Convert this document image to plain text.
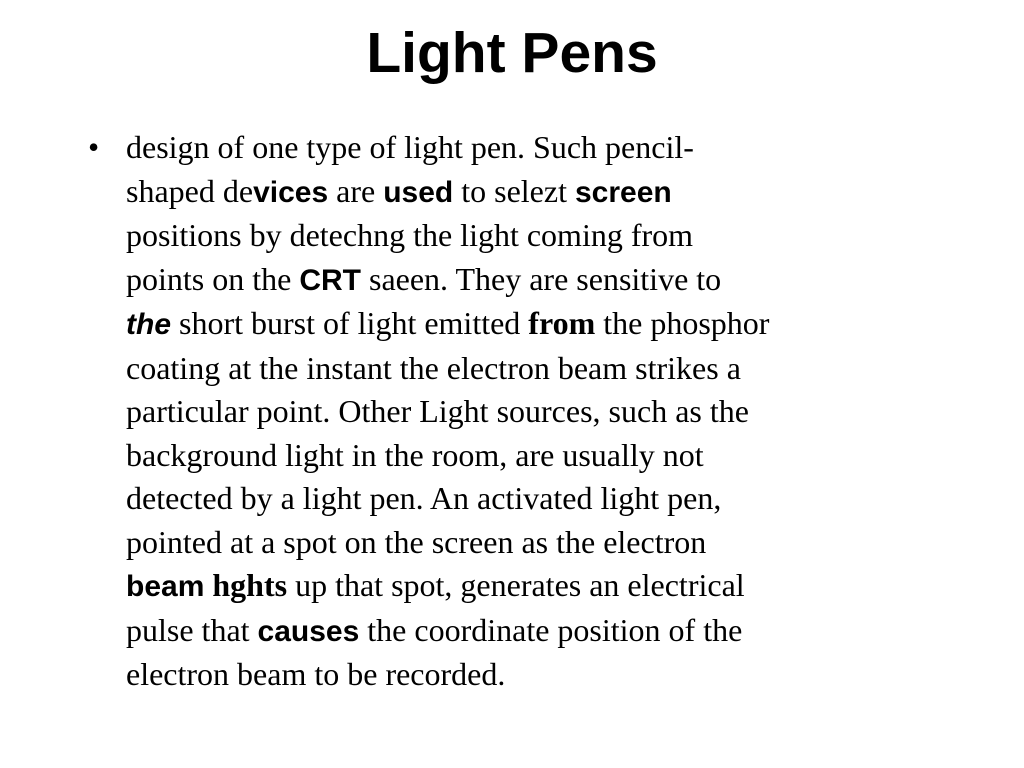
Light Pens
• design of one type of light pen. Such pencil-
shaped devices are used to selezt screen
positions by detechng the light coming from
points on the CRT saeen. They are sensitive to
the short burst of light emitted from the phosphor
coating at the instant the electron beam strikes a
particular point. Other Light sources, such as the
background light in the room, are usually not
detected by a light pen. An activated light pen,
pointed at a spot on the screen as the electron
beam hghts up that spot, generates an electrical
pulse that causes the coordinate position of the
electron beam to be recorded.
